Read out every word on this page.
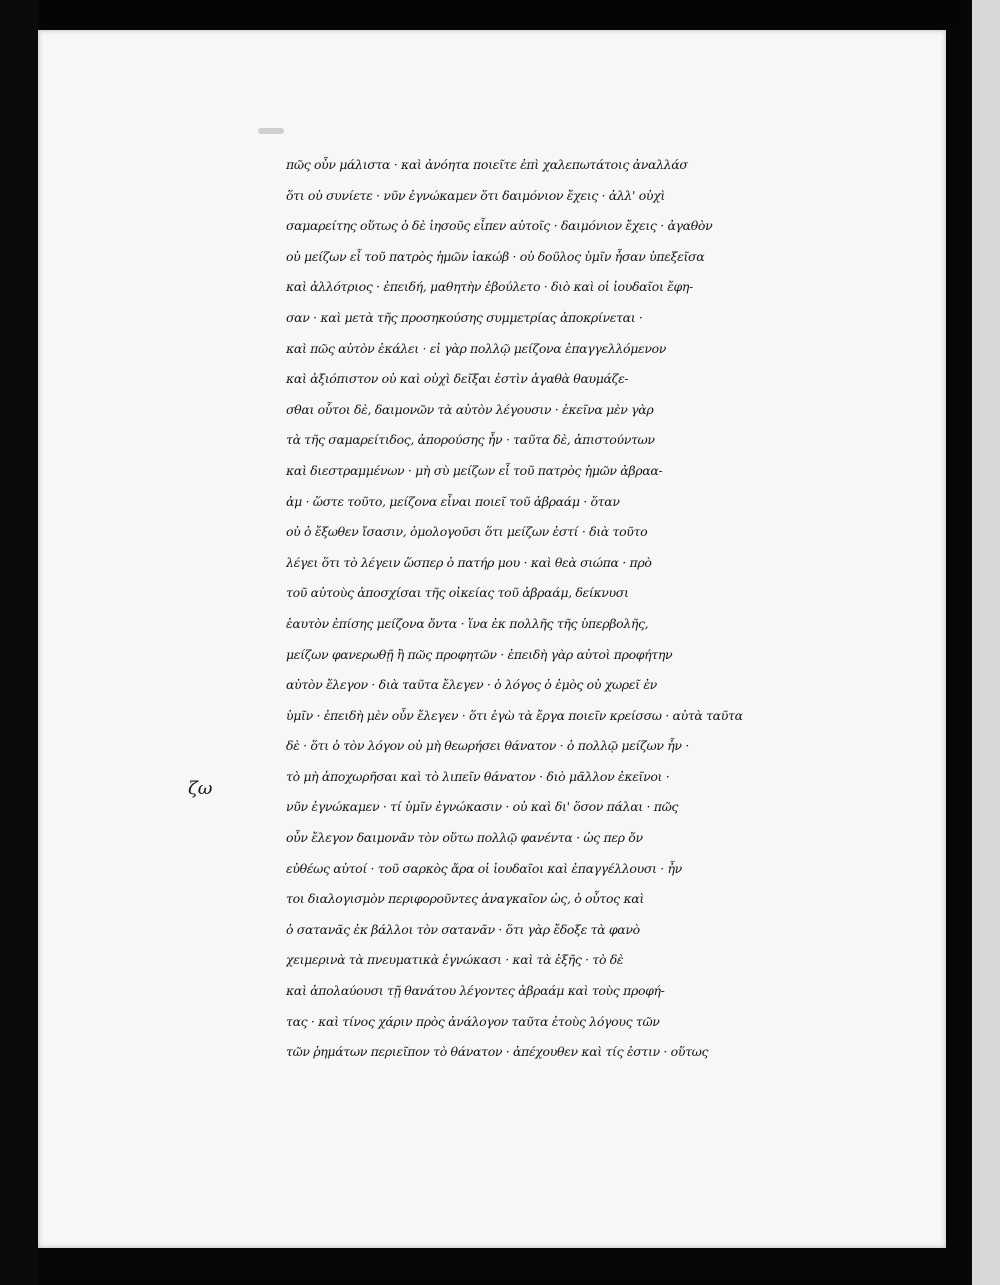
ζω
πῶς οὖν μάλιστα · καὶ ἀνόητα ποιεῖτε ἐπὶ χαλεπωτάτοις ἀναλλάσ
ὅτι οὐ συνίετε · νῦν ἐγνώκαμεν ὅτι δαιμόνιον ἔχεις · ἀλλ' οὐχὶ
σαμαρείτης οὕτως ὁ δὲ ἰησοῦς εἶπεν αὐτοῖς · δαιμόνιον ἔχεις · ἀγαθὸν
οὐ μείζων εἶ τοῦ πατρὸς ἡμῶν ἰακώβ · οὐ δοῦλος ὑμῖν ἦσαν ὑπεξεῖσα
καὶ ἀλλότριος · ἐπειδή, μαθητὴν ἐβούλετο · διὸ καὶ οἱ ἰουδαῖοι ἔφη-
σαν · καὶ μετὰ τῆς προσηκούσης συμμετρίας ἀποκρίνεται ·
καὶ πῶς αὐτὸν ἐκάλει · εἰ γὰρ πολλῷ μείζονα ἐπαγγελλόμενον
καὶ ἀξιόπιστον οὐ καὶ οὐχὶ δεῖξαι ἐστὶν ἀγαθὰ θαυμάζε-
σθαι οὗτοι δὲ, δαιμονῶν τὰ αὐτὸν λέγουσιν · ἐκεῖνα μὲν γὰρ
τὰ τῆς σαμαρείτιδος, ἀπορούσης ἦν · ταῦτα δὲ, ἀπιστούντων
καὶ διεστραμμένων · μὴ σὺ μείζων εἶ τοῦ πατρὸς ἡμῶν ἀβραα-
ἀμ · ὥστε τοῦτο, μείζονα εἶναι ποιεῖ τοῦ ἀβραάμ · ὅταν
οὐ ὁ ἔξωθεν ἴσασιν, ὁμολογοῦσι ὅτι μείζων ἐστί · διὰ τοῦτο
λέγει ὅτι τὸ λέγειν ὥσπερ ὁ πατήρ μου · καὶ θεὰ σιώπα · πρὸ
τοῦ αὐτοὺς ἀποσχίσαι τῆς οἰκείας τοῦ ἀβραάμ, δείκνυσι
ἑαυτὸν ἐπίσης μείζονα ὄντα · ἵνα ἐκ πολλῆς τῆς ὑπερβολῆς,
μείζων φανερωθῇ ἢ πῶς προφητῶν · ἐπειδὴ γὰρ αὐτοὶ προφήτην
αὐτὸν ἔλεγον · διὰ ταῦτα ἔλεγεν · ὁ λόγος ὁ ἐμὸς οὐ χωρεῖ ἐν
ὑμῖν · ἐπειδὴ μὲν οὖν ἔλεγεν · ὅτι ἐγὼ τὰ ἔργα ποιεῖν κρείσσω · αὐτὰ ταῦτα
δὲ · ὅτι ὁ τὸν λόγον οὐ μὴ θεωρήσει θάνατον · ὁ πολλῷ μείζων ἦν ·
τὸ μὴ ἀποχωρῆσαι καὶ τὸ λιπεῖν θάνατον · διὸ μᾶλλον ἐκεῖνοι ·
νῦν ἐγνώκαμεν · τί ὑμῖν ἐγνώκασιν · οὐ καὶ δι' ὅσον πάλαι · πῶς
οὖν ἔλεγον δαιμονᾶν τὸν οὕτω πολλῷ φανέντα · ὡς περ ὄν
εὐθέως αὐτοί · τοῦ σαρκὸς ἄρα οἱ ἰουδαῖοι καὶ ἐπαγγέλλουσι · ἦν
τοι διαλογισμὸν περιφοροῦντες ἀναγκαῖον ὡς, ὁ οὗτος καὶ
ὁ σατανᾶς ἐκ βάλλοι τὸν σατανᾶν · ὅτι γὰρ ἔδοξε τὰ φανὸ
χειμερινὰ τὰ πνευματικὰ ἐγνώκασι · καὶ τὰ ἑξῆς · τὸ δὲ
καὶ ἀπολαύουσι τῇ θανάτου λέγοντες ἀβραάμ καὶ τοὺς προφή-
τας · καὶ τίνος χάριν πρὸς ἀνάλογον ταῦτα ἐτοὺς λόγους τῶν
τῶν ῥημάτων περιεῖπον τὸ θάνατον · ἀπέχουθεν καὶ τίς ἐστιν · οὕτως
